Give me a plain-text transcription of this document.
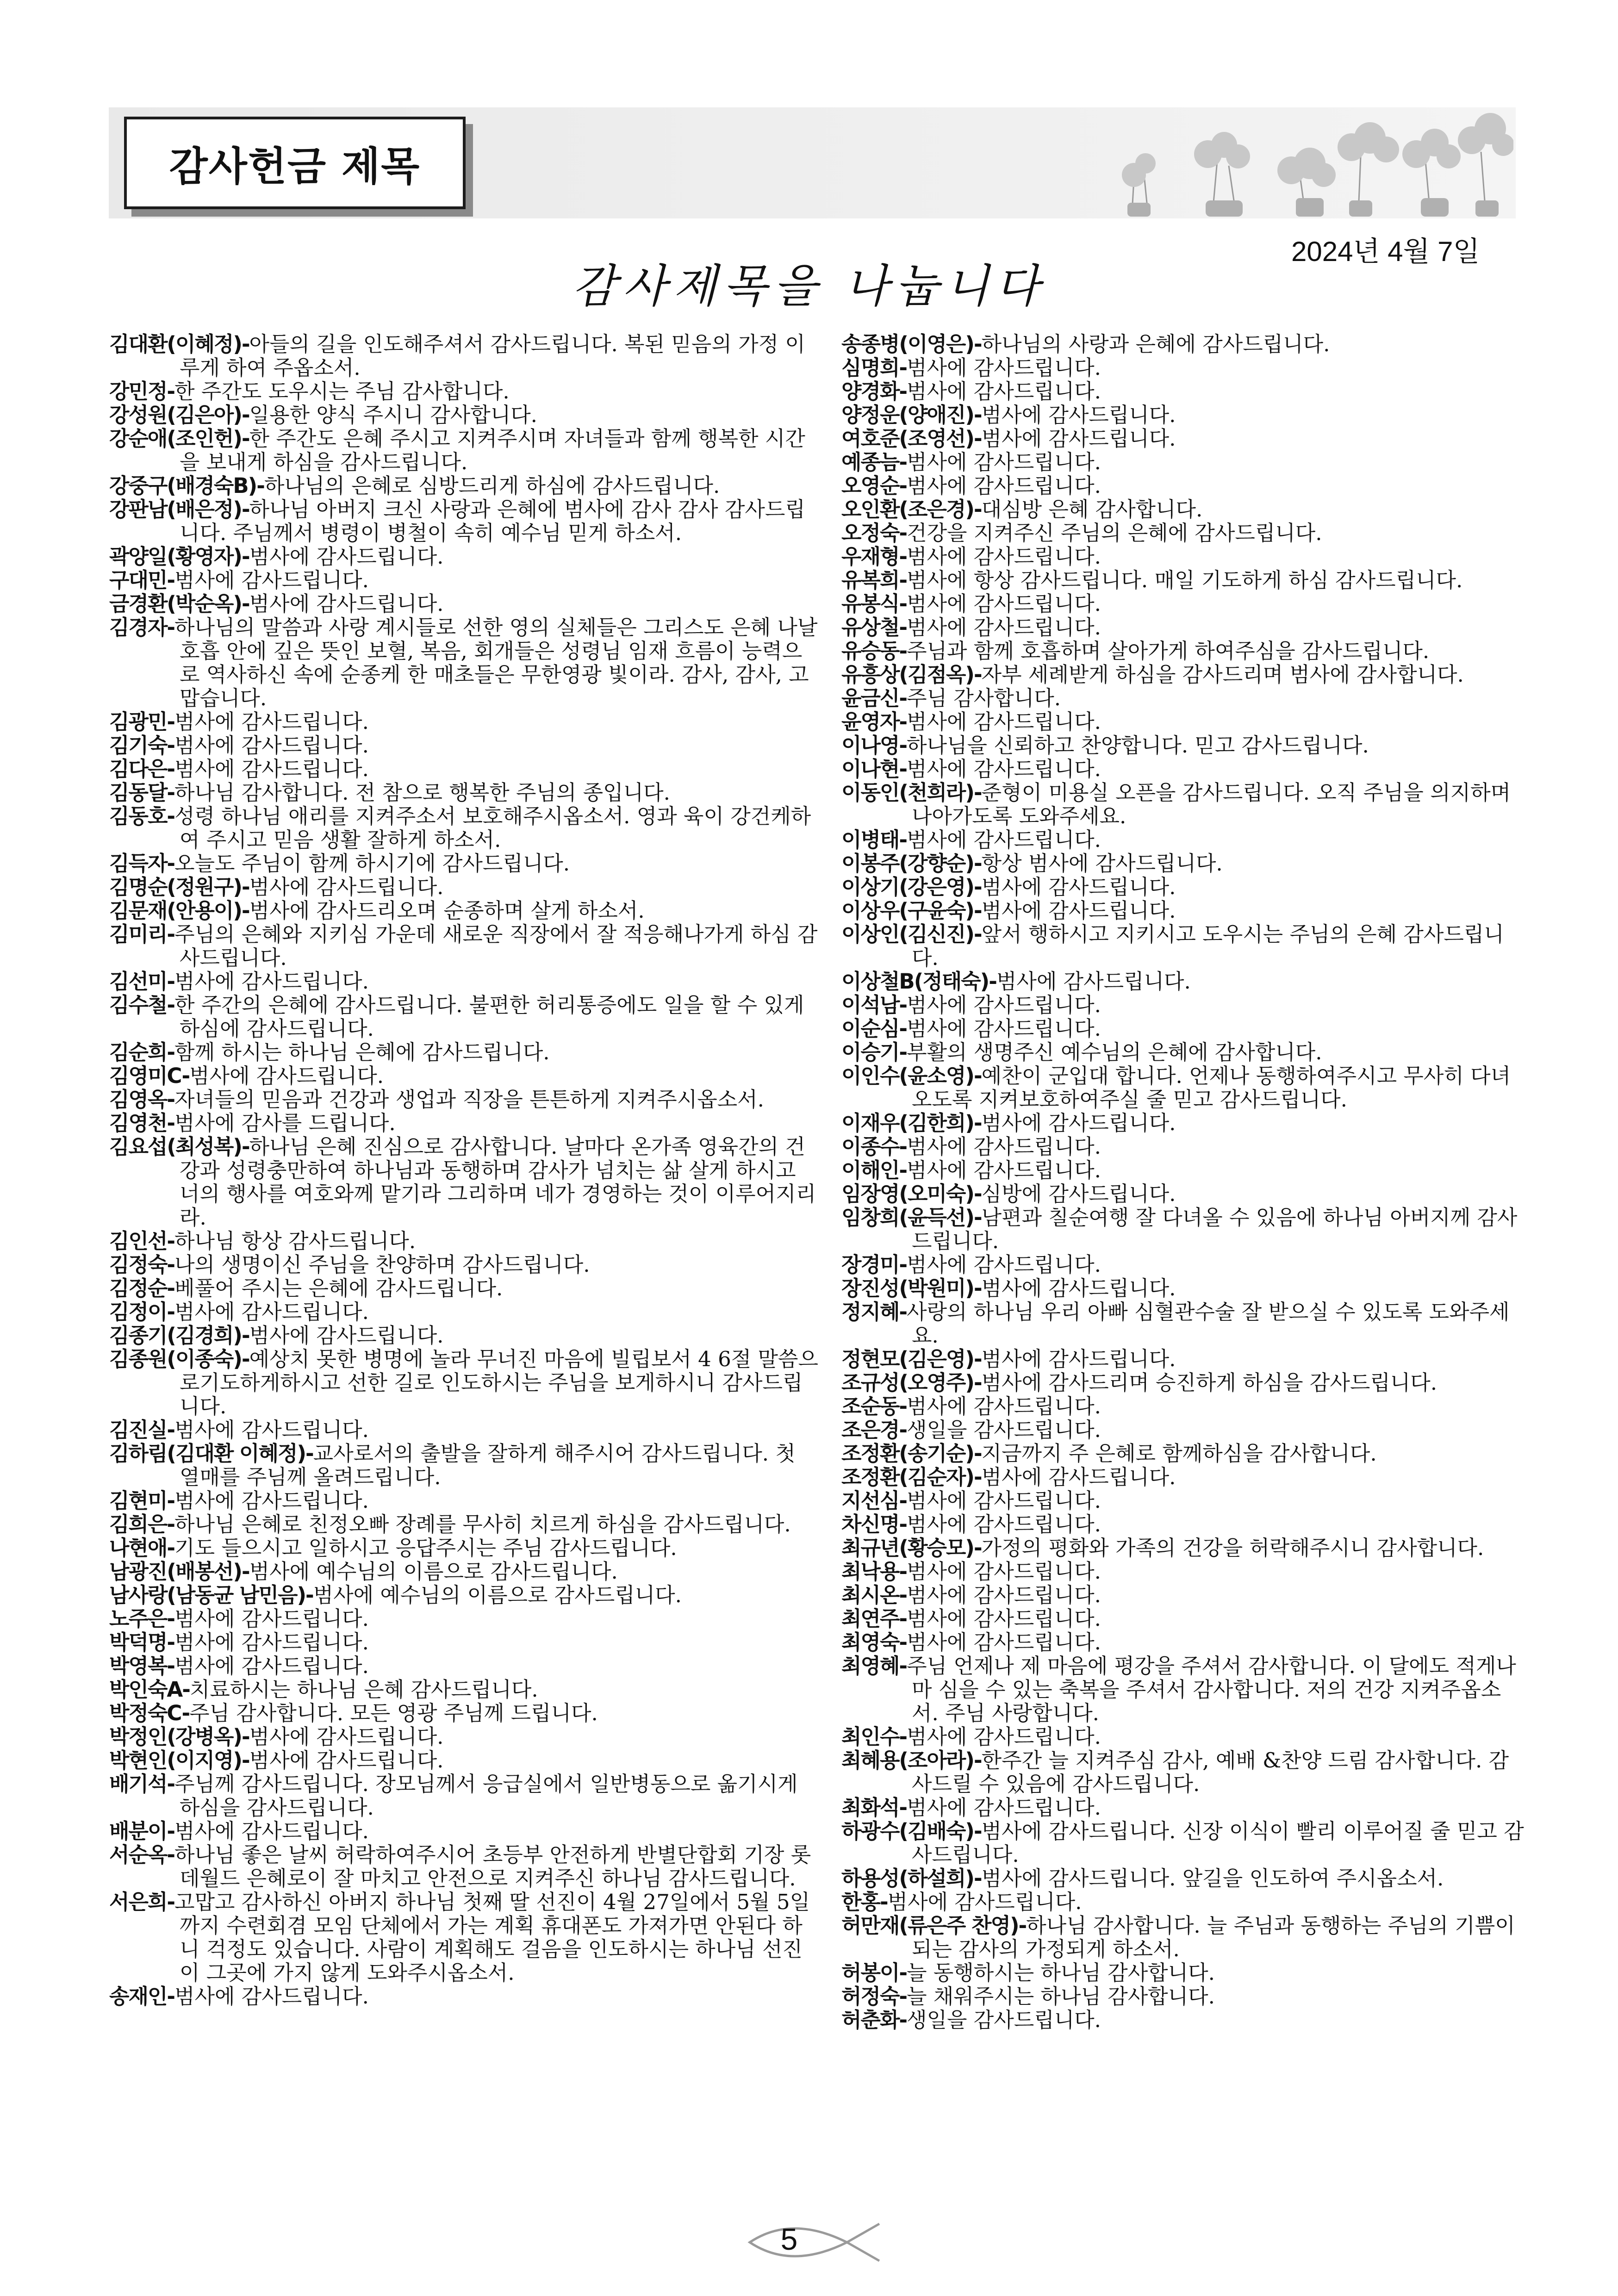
감사헌금 제목
2024년 4월 7일
감사제목을 나눕니다

김대환(이혜정)-아들의 길을 인도해주셔서 감사드립니다. 복된 믿음의 가정 이루게 하여 주옵소서.

강민정-한 주간도 도우시는 주님 감사합니다.

강성원(김은아)-일용한 양식 주시니 감사합니다.

강순애(조인헌)-한 주간도 은혜 주시고 지켜주시며 자녀들과 함께 행복한 시간을 보내게 하심을 감사드립니다.

강중구(배경숙B)-하나님의 은혜로 심방드리게 하심에 감사드립니다.

강판남(배은정)-하나님 아버지 크신 사랑과 은혜에 범사에 감사 감사 감사드립니다. 주님께서 병령이 병철이 속히 예수님 믿게 하소서.

곽양일(황영자)-범사에 감사드립니다.

구대민-범사에 감사드립니다.

금경환(박순옥)-범사에 감사드립니다.

김경자-하나님의 말씀과 사랑 계시들로 선한 영의 실체들은 그리스도 은혜 나날 호흡 안에 깊은 뜻인 보혈, 복음, 회개들은 성령님 임재 흐름이 능력으로 역사하신 속에 순종케 한 매초들은 무한영광 빛이라. 감사, 감사, 고맙습니다.

김광민-범사에 감사드립니다.

김기숙-범사에 감사드립니다.

김다은-범사에 감사드립니다.

김동달-하나님 감사합니다. 전 참으로 행복한 주님의 종입니다.

김동호-성령 하나님 애리를 지켜주소서 보호해주시옵소서. 영과 육이 강건케하여 주시고 믿음 생활 잘하게 하소서.

김득자-오늘도 주님이 함께 하시기에 감사드립니다.

김명순(정원구)-범사에 감사드립니다.

김문재(안용이)-범사에 감사드리오며 순종하며 살게 하소서.

김미리-주님의 은혜와 지키심 가운데 새로운 직장에서 잘 적응해나가게 하심 감사드립니다.

김선미-범사에 감사드립니다.

김수철-한 주간의 은혜에 감사드립니다. 불편한 허리통증에도 일을 할 수 있게하심에 감사드립니다.

김순희-함께 하시는 하나님 은혜에 감사드립니다.

김영미C-범사에 감사드립니다.

김영옥-자녀들의 믿음과 건강과 생업과 직장을 튼튼하게 지켜주시옵소서.

김영천-범사에 감사를 드립니다.

김요섭(최성복)-하나님 은혜 진심으로 감사합니다. 날마다 온가족 영육간의 건강과 성령충만하여 하나님과 동행하며 감사가 넘치는 삶 살게 하시고 너의 행사를 여호와께 맡기라 그리하며 네가 경영하는 것이 이루어지리라.

김인선-하나님 항상 감사드립니다.

김정숙-나의 생명이신 주님을 찬양하며 감사드립니다.

김정순-베풀어 주시는 은혜에 감사드립니다.

김정이-범사에 감사드립니다.

김종기(김경희)-범사에 감사드립니다.

김종원(이종숙)-예상치 못한 병명에 놀라 무너진 마음에 빌립보서 4 6절 말씀으로기도하게하시고 선한 길로 인도하시는 주님을 보게하시니 감사드립니다.

김진실-범사에 감사드립니다.

김하림(김대환 이혜정)-교사로서의 출발을 잘하게 해주시어 감사드립니다. 첫 열매를 주님께 올려드립니다.

김현미-범사에 감사드립니다.

김희은-하나님 은혜로 친정오빠 장례를 무사히 치르게 하심을 감사드립니다.

나현애-기도 들으시고 일하시고 응답주시는 주님 감사드립니다.

남광진(배봉선)-범사에 예수님의 이름으로 감사드립니다.

남사랑(남동균 남민음)-범사에 예수님의 이름으로 감사드립니다.

노주은-범사에 감사드립니다.

박덕명-범사에 감사드립니다.

박영복-범사에 감사드립니다.

박인숙A-치료하시는 하나님 은혜 감사드립니다.

박정숙C-주님 감사합니다. 모든 영광 주님께 드립니다.

박정인(강병옥)-범사에 감사드립니다.

박현인(이지영)-범사에 감사드립니다.

배기석-주님께 감사드립니다. 장모님께서 응급실에서 일반병동으로 옮기시게 하심을 감사드립니다.

배분이-범사에 감사드립니다.

서순옥-하나님 좋은 날씨 허락하여주시어 초등부 안전하게 반별단합회 기장 롯데월드 은혜로이 잘 마치고 안전으로 지켜주신 하나님 감사드립니다.

서은희-고맙고 감사하신 아버지 하나님 첫째 딸 선진이 4월 27일에서 5월 5일까지 수련회겸 모임 단체에서 가는 계획 휴대폰도 가져가면 안된다 하니 걱정도 있습니다. 사람이 계획해도 걸음을 인도하시는 하나님 선진이 그곳에 가지 않게 도와주시옵소서.

송재인-범사에 감사드립니다.

송종병(이영은)-하나님의 사랑과 은혜에 감사드립니다.

심명희-범사에 감사드립니다.

양경화-범사에 감사드립니다.

양정운(양애진)-범사에 감사드립니다.

여호준(조영선)-범사에 감사드립니다.

예종늠-범사에 감사드립니다.

오영순-범사에 감사드립니다.

오인환(조은경)-대심방 은혜 감사합니다.

오정숙-건강을 지켜주신 주님의 은혜에 감사드립니다.

우재형-범사에 감사드립니다.

유복희-범사에 항상 감사드립니다. 매일 기도하게 하심 감사드립니다.

유봉식-범사에 감사드립니다.

유상철-범사에 감사드립니다.

유승동-주님과 함께 호흡하며 살아가게 하여주심을 감사드립니다.

유흥상(김점옥)-자부 세례받게 하심을 감사드리며 범사에 감사합니다.

윤금신-주님 감사합니다.

윤영자-범사에 감사드립니다.

이나영-하나님을 신뢰하고 찬양합니다. 믿고 감사드립니다.

이나현-범사에 감사드립니다.

이동인(천희라)-준형이 미용실 오픈을 감사드립니다. 오직 주님을 의지하며 나아가도록 도와주세요.

이병태-범사에 감사드립니다.

이봉주(강향순)-항상 범사에 감사드립니다.

이상기(강은영)-범사에 감사드립니다.

이상우(구윤숙)-범사에 감사드립니다.

이상인(김신진)-앞서 행하시고 지키시고 도우시는 주님의 은혜 감사드립니다.

이상철B(정태숙)-범사에 감사드립니다.

이석남-범사에 감사드립니다.

이순심-범사에 감사드립니다.

이승기-부활의 생명주신 예수님의 은혜에 감사합니다.

이인수(윤소영)-예찬이 군입대 합니다. 언제나 동행하여주시고 무사히 다녀오도록 지켜보호하여주실 줄 믿고 감사드립니다.

이재우(김한희)-범사에 감사드립니다.

이종수-범사에 감사드립니다.

이해인-범사에 감사드립니다.

임장영(오미숙)-심방에 감사드립니다.

임창희(윤득선)-남편과 칠순여행 잘 다녀올 수 있음에 하나님 아버지께 감사드립니다.

장경미-범사에 감사드립니다.

장진성(박원미)-범사에 감사드립니다.

정지혜-사랑의 하나님 우리 아빠 심혈관수술 잘 받으실 수 있도록 도와주세요.

정현모(김은영)-범사에 감사드립니다.

조규성(오영주)-범사에 감사드리며 승진하게 하심을 감사드립니다.

조순동-범사에 감사드립니다.

조은경-생일을 감사드립니다.

조정환(송기순)-지금까지 주 은혜로 함께하심을 감사합니다.

조정환(김순자)-범사에 감사드립니다.

지선심-범사에 감사드립니다.

차신명-범사에 감사드립니다.

최규년(황승모)-가정의 평화와 가족의 건강을 허락해주시니 감사합니다.

최낙용-범사에 감사드립니다.

최시온-범사에 감사드립니다.

최연주-범사에 감사드립니다.

최영숙-범사에 감사드립니다.

최영혜-주님 언제나 제 마음에 평강을 주셔서 감사합니다. 이 달에도 적게나마 심을 수 있는 축복을 주셔서 감사합니다. 저의 건강 지켜주옵소서. 주님 사랑합니다.

최인수-범사에 감사드립니다.

최혜용(조아라)-한주간 늘 지켜주심 감사, 예배 &찬양 드림 감사합니다. 감사드릴 수 있음에 감사드립니다.

최화석-범사에 감사드립니다.

하광수(김배숙)-범사에 감사드립니다. 신장 이식이 빨리 이루어질 줄 믿고 감사드립니다.

하용성(하설희)-범사에 감사드립니다. 앞길을 인도하여 주시옵소서.

한홍-범사에 감사드립니다.

허만재(류은주 찬영)-하나님 감사합니다. 늘 주님과 동행하는 주님의 기쁨이 되는 감사의 가정되게 하소서.

허봉이-늘 동행하시는 하나님 감사합니다.

허정숙-늘 채워주시는 하나님 감사합니다.

허춘화-생일을 감사드립니다.

5
